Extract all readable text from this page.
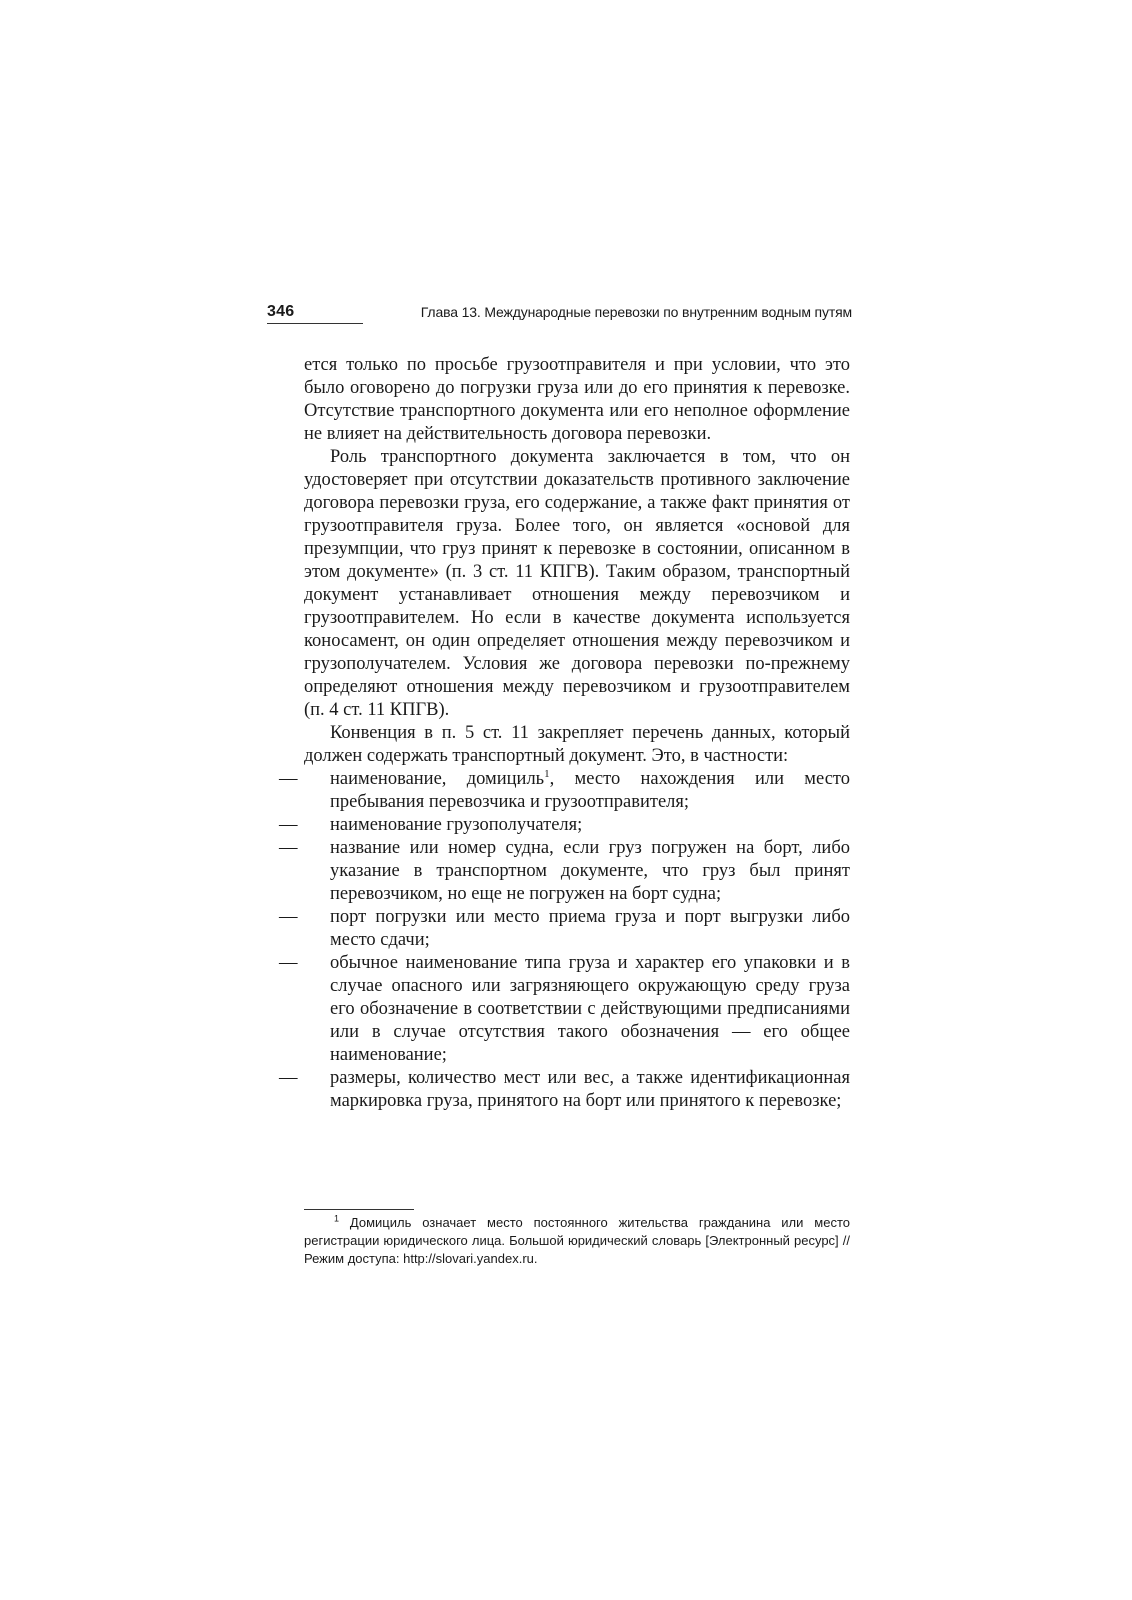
346	Глава 13. Международные перевозки по внутренним водным путям

ется только по просьбе грузоотправителя и при условии, что это было оговорено до погрузки груза или до его принятия к перевозке. Отсутствие транспортного документа или его неполное оформление не влияет на действительность договора перевозки.

Роль транспортного документа заключается в том, что он удостоверяет при отсутствии доказательств противного заключение договора перевозки груза, его содержание, а также факт принятия от грузоотправителя груза. Более того, он является «основой для презумпции, что груз принят к перевозке в состоянии, описанном в этом документе» (п. 3 ст. 11 КПГВ). Таким образом, транспортный документ устанавливает отношения между перевозчиком и грузоотправителем. Но если в качестве документа используется коносамент, он один определяет отношения между перевозчиком и грузополучателем. Условия же договора перевозки по-прежнему определяют отношения между перевозчиком и грузоотправителем (п. 4 ст. 11 КПГВ).

Конвенция в п. 5 ст. 11 закрепляет перечень данных, который должен содержать транспортный документ. Это, в частности:

— наименование, домициль$^1$, место нахождения или место пребывания перевозчика и грузоотправителя;
— наименование грузополучателя;
— название или номер судна, если груз погружен на борт, либо указание в транспортном документе, что груз был принят перевозчиком, но еще не погружен на борт судна;
— порт погрузки или место приема груза и порт выгрузки либо место сдачи;
— обычное наименование типа груза и характер его упаковки и в случае опасного или загрязняющего окружающую среду груза его обозначение в соответствии с действующими предписаниями или в случае отсутствия такого обозначения — его общее наименование;
— размеры, количество мест или вес, а также идентификационная маркировка груза, принятого на борт или принятого к перевозке;
$^1$ Домициль означает место постоянного жительства гражданина или место регистрации юридического лица. Большой юридический словарь [Электронный ресурс] // Режим доступа: http://slovari.yandex.ru.
